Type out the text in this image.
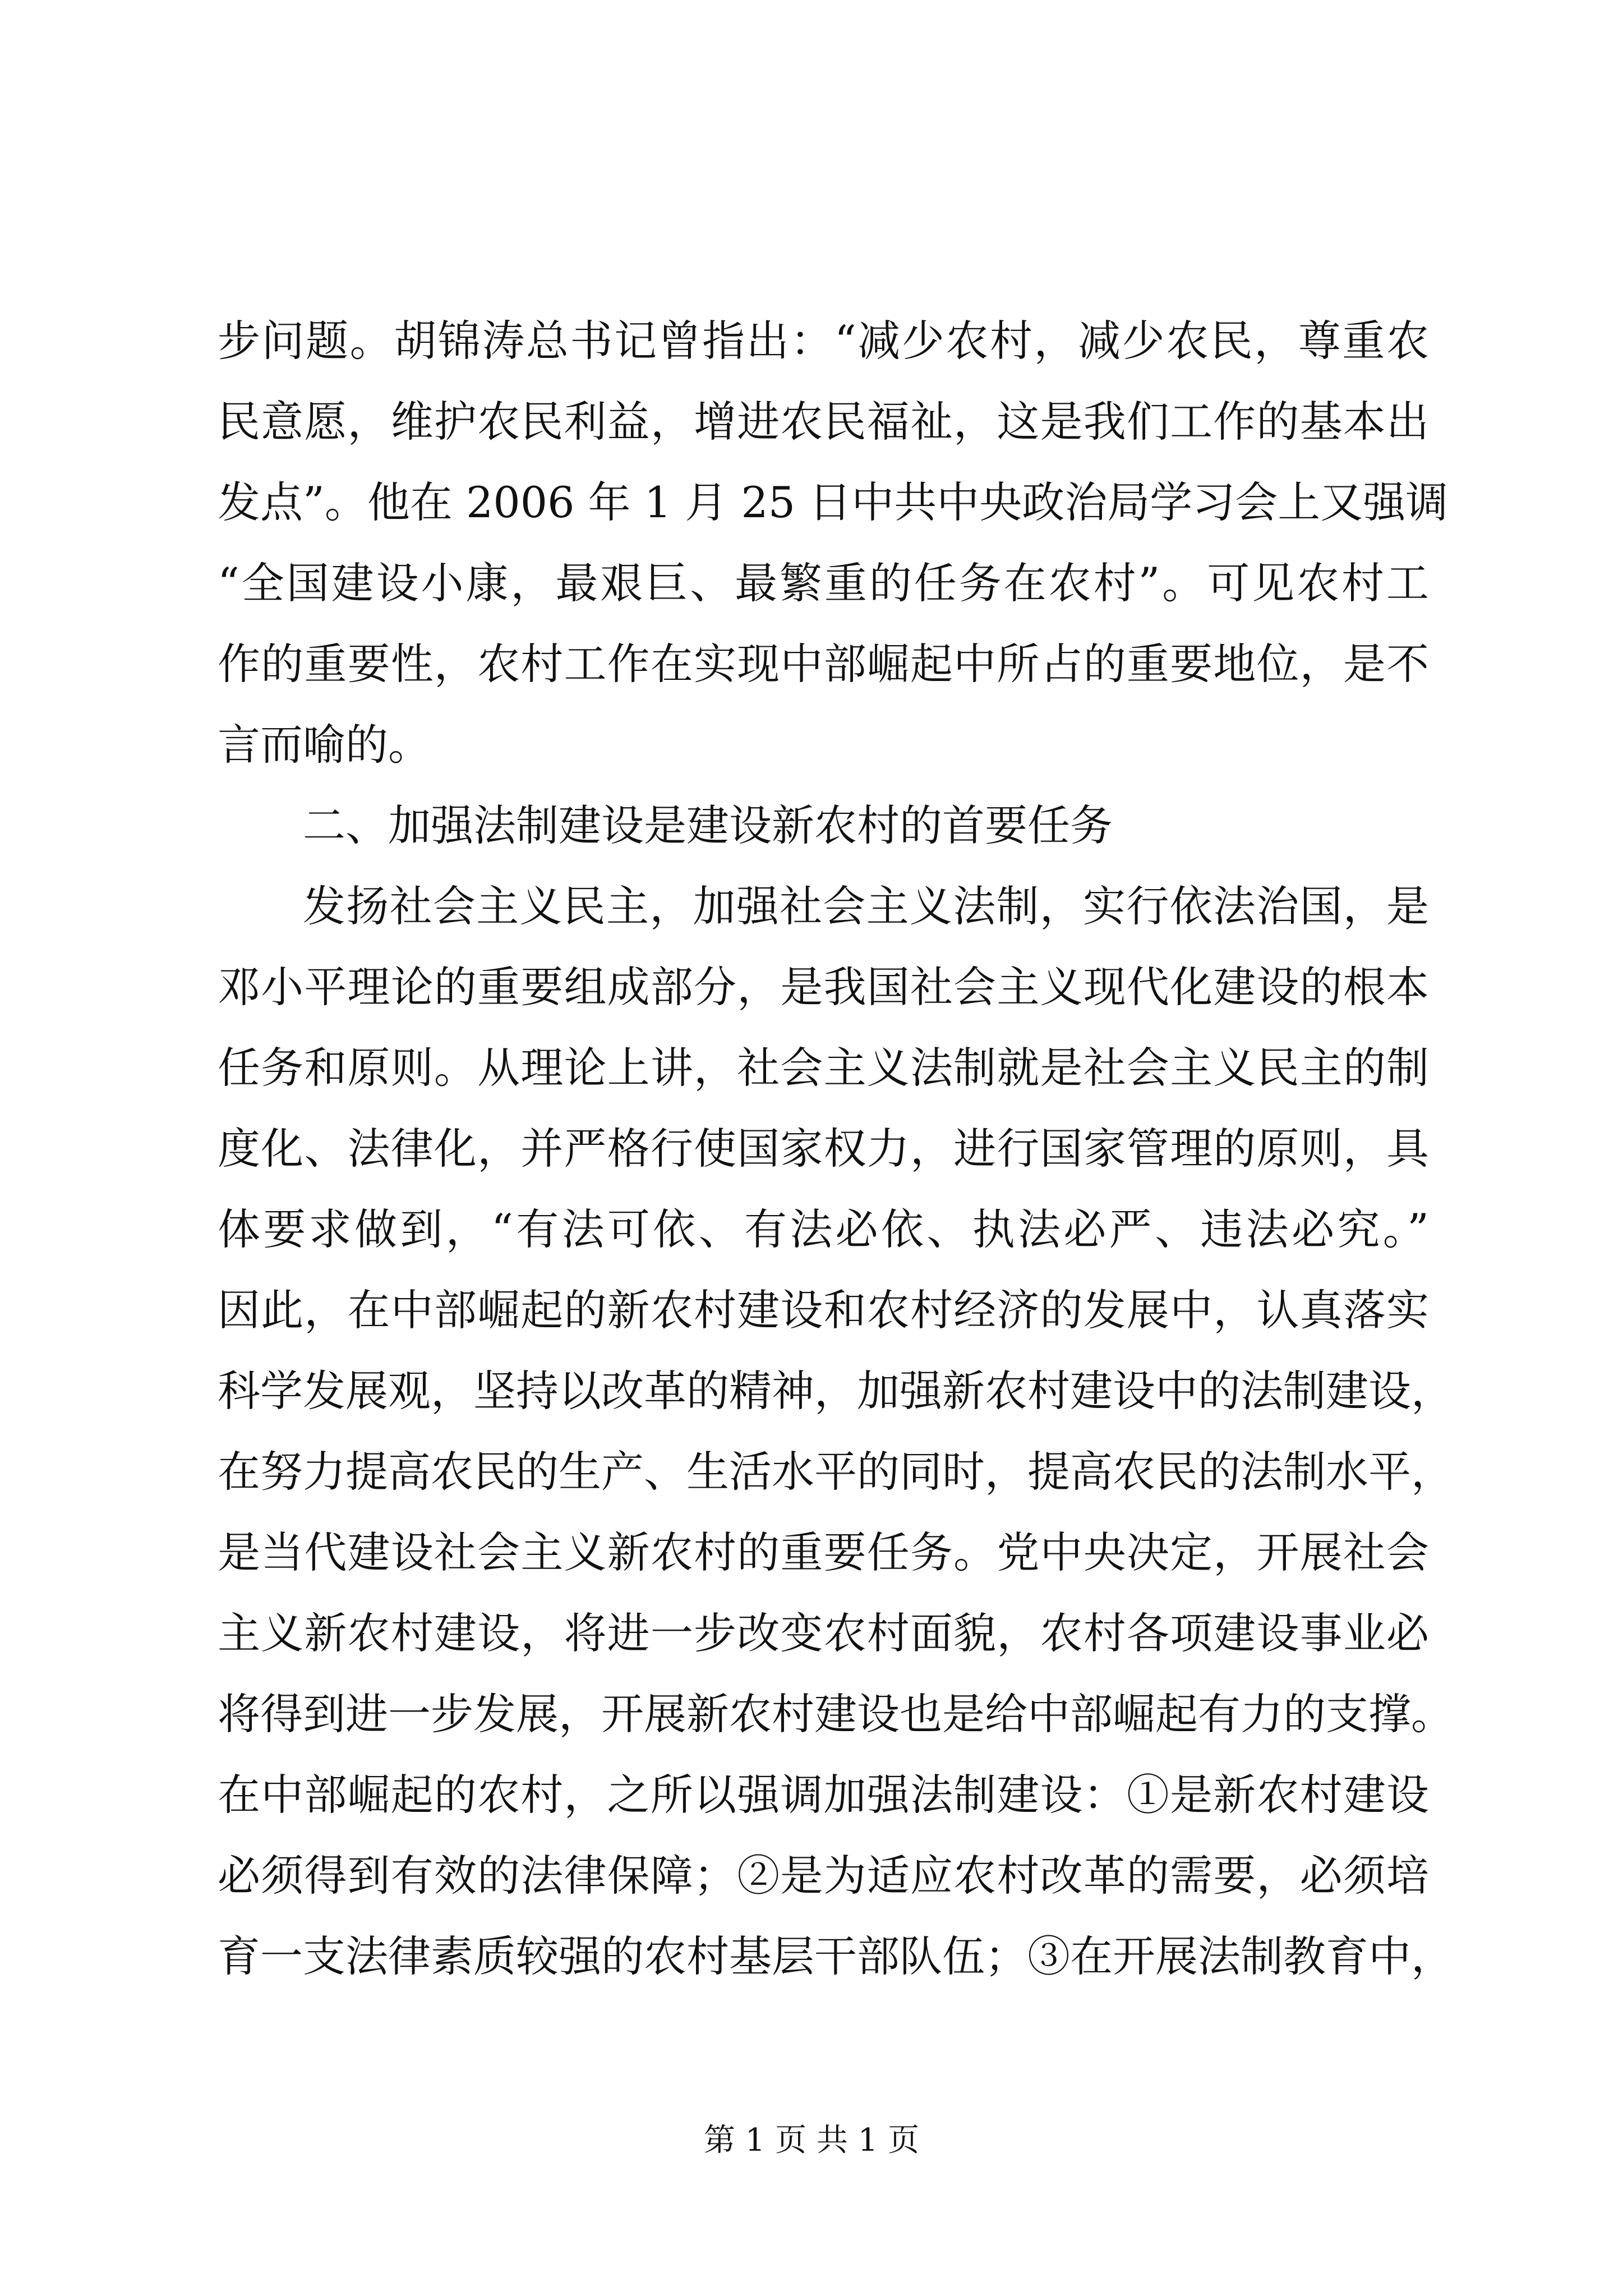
步问题。胡锦涛总书记曾指出：“减少农村，减少农民，尊重农
民意愿，维护农民利益，增进农民福祉，这是我们工作的基本出
发点”。他在 2006 年 1 月 25 日中共中央政治局学习会上又强调
“全国建设小康，最艰巨、最繁重的任务在农村”。可见农村工
作的重要性，农村工作在实现中部崛起中所占的重要地位，是不
言而喻的。
二、加强法制建设是建设新农村的首要任务
发扬社会主义民主，加强社会主义法制，实行依法治国，是
邓小平理论的重要组成部分，是我国社会主义现代化建设的根本
任务和原则。从理论上讲，社会主义法制就是社会主义民主的制
度化、法律化，并严格行使国家权力，进行国家管理的原则，具
体要求做到，“有法可依、有法必依、执法必严、违法必究。”
因此，在中部崛起的新农村建设和农村经济的发展中，认真落实
科学发展观，坚持以改革的精神，加强新农村建设中的法制建设，
在努力提高农民的生产、生活水平的同时，提高农民的法制水平，
是当代建设社会主义新农村的重要任务。党中央决定，开展社会
主义新农村建设，将进一步改变农村面貌，农村各项建设事业必
将得到进一步发展，开展新农村建设也是给中部崛起有力的支撑。
在中部崛起的农村，之所以强调加强法制建设：①是新农村建设
必须得到有效的法律保障；②是为适应农村改革的需要，必须培
育一支法律素质较强的农村基层干部队伍；③在开展法制教育中，
第 1 页 共 1 页
